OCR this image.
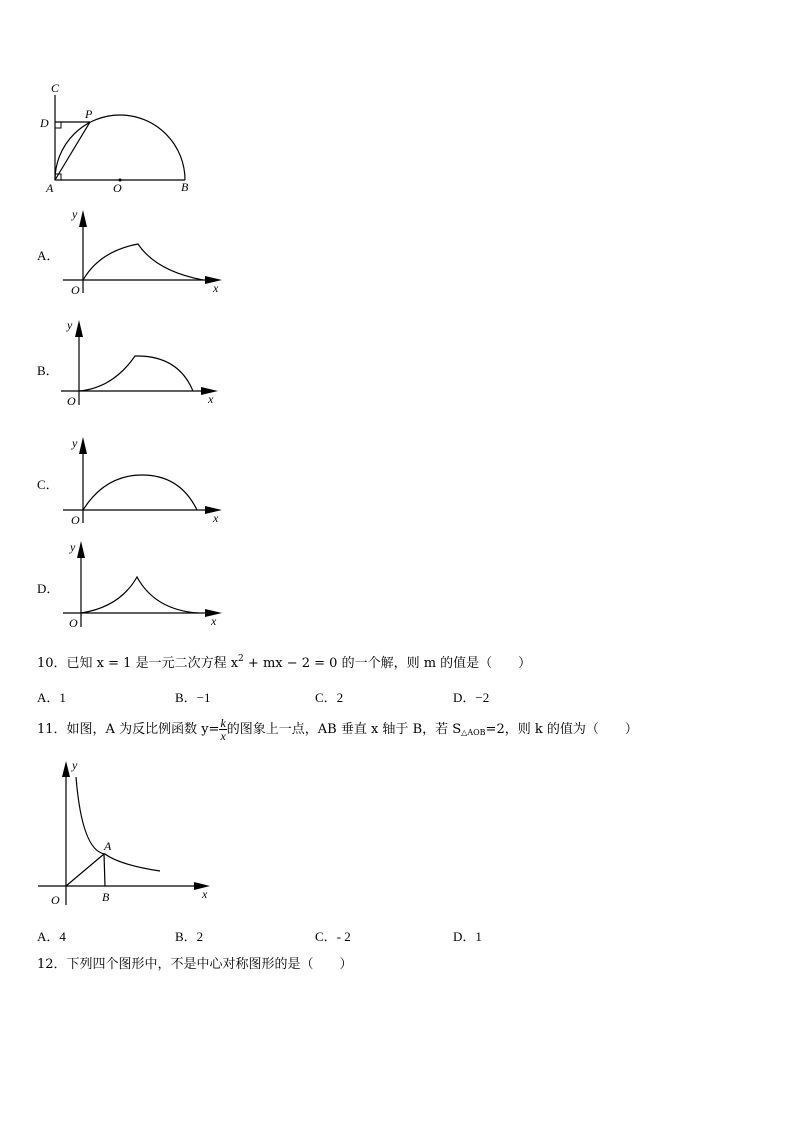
C
D
P
A	O	B
A．
y
x
O
B．
y
x
O
C．
y
x
O
D．
y
x
O
10．已知 x = 1 是一元二次方程 $x^2$ + mx − 2 = 0 的一个解，则 m 的值是（　　）
A．1	B．−1	C．2	D．−2
11．如图，A 为反比例函数 $y= \frac{k}{x}$ 的图象上一点，AB 垂直 x 轴于 B，若 $S_{\triangle AOB}=2$，则 k 的值为（　　）
y
x
A
O	B
A．4	B．2	C．- 2	D．1
12．下列四个图形中，不是中心对称图形的是（　　）
